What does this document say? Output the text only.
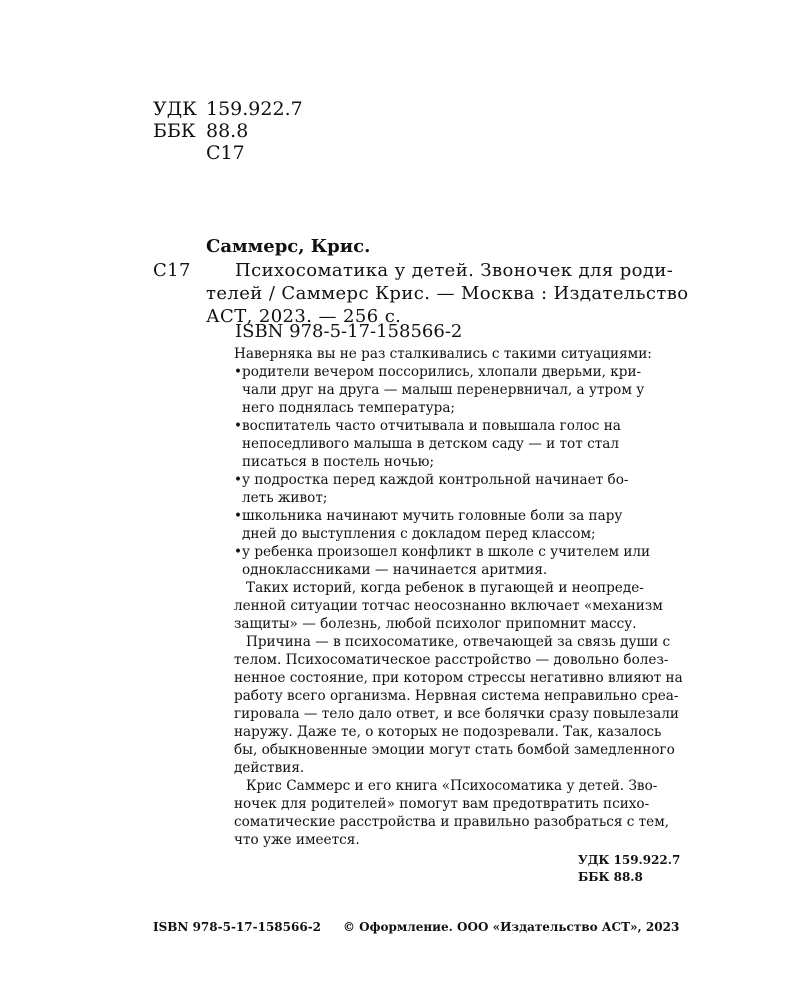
УДК 159.922.7
ББК 88.8
С17
Саммерс, Крис.
С17 Психосоматика у детей. Звоночек для роди-
телей / Саммерс Крис. — Москва : Издательство
АСТ, 2023. — 256 с.
ISBN 978-5-17-158566-2
Наверняка вы не раз сталкивались с такими ситуациями:
• родители вечером поссорились, хлопали дверьми, кри-
чали друг на друга — малыш перенервничал, а утром у
него поднялась температура;
• воспитатель часто отчитывала и повышала голос на
непоседливого малыша в детском саду — и тот стал
писаться в постель ночью;
• у подростка перед каждой контрольной начинает бо-
леть живот;
• школьника начинают мучить головные боли за пару
дней до выступления с докладом перед классом;
• у ребенка произошел конфликт в школе с учителем или
одноклассниками — начинается аритмия.
Таких историй, когда ребенок в пугающей и неопреде-
ленной ситуации тотчас неосознанно включает «механизм
защиты» — болезнь, любой психолог припомнит массу.
Причина — в психосоматике, отвечающей за связь души с
телом. Психосоматическое расстройство — довольно болез-
ненное состояние, при котором стрессы негативно влияют на
работу всего организма. Нервная система неправильно среа-
гировала — тело дало ответ, и все болячки сразу повылезали
наружу. Даже те, о которых не подозревали. Так, казалось
бы, обыкновенные эмоции могут стать бомбой замедленного
действия.
Крис Саммерс и его книга «Психосоматика у детей. Зво-
ночек для родителей» помогут вам предотвратить психо-
соматические расстройства и правильно разобраться с тем,
что уже имеется.
УДК 159.922.7
ББК 88.8
ISBN 978-5-17-158566-2 © Оформление. ООО «Издательство АСТ», 2023
